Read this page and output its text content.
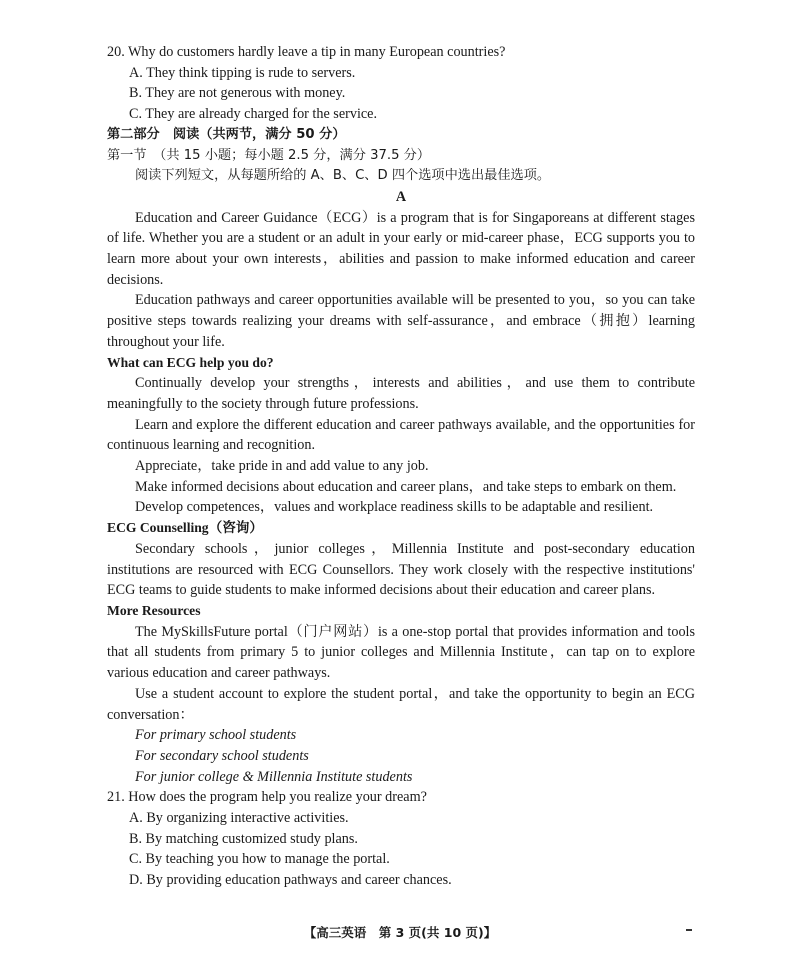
20. Why do customers hardly leave a tip in many European countries?

A. They think tipping is rude to servers.

B. They are not generous with money.

C. They are already charged for the service.

第二部分　阅读（共两节，满分 50 分）

第一节　（共 15 小题；每小题 2.5 分，满分 37.5 分）

阅读下列短文，从每题所给的 A、B、C、D 四个选项中选出最佳选项。

A

Education and Career Guidance（ECG）is a program that is for Singaporeans at different stages of life. Whether you are a student or an adult in your early or mid-career phase，ECG supports you to learn more about your own interests，abilities and passion to make informed education and career decisions.

Education pathways and career opportunities available will be presented to you，so you can take positive steps towards realizing your dreams with self-assurance，and embrace（拥抱）learning throughout your life.

What can ECG help you do?

Continually develop your strengths，interests and abilities，and use them to contribute meaningfully to the society through future professions.

Learn and explore the different education and career pathways available, and the opportunities for continuous learning and recognition.

Appreciate，take pride in and add value to any job.

Make informed decisions about education and career plans，and take steps to embark on them.

Develop competences，values and workplace readiness skills to be adaptable and resilient.

ECG Counselling（咨询）

Secondary schools，junior colleges，Millennia Institute and post-secondary education institutions are resourced with ECG Counsellors. They work closely with the respective institutions' ECG teams to guide students to make informed decisions about their education and career plans.

More Resources

The MySkillsFuture portal（门户网站）is a one-stop portal that provides information and tools that all students from primary 5 to junior colleges and Millennia Institute，can tap on to explore various education and career pathways.

Use a student account to explore the student portal，and take the opportunity to begin an ECG conversation：

For primary school students

For secondary school students

For junior college & Millennia Institute students

21. How does the program help you realize your dream?

A. By organizing interactive activities.

B. By matching customized study plans.

C. By teaching you how to manage the portal.

D. By providing education pathways and career chances.

【高三英语　第 3 页(共 10 页)】
